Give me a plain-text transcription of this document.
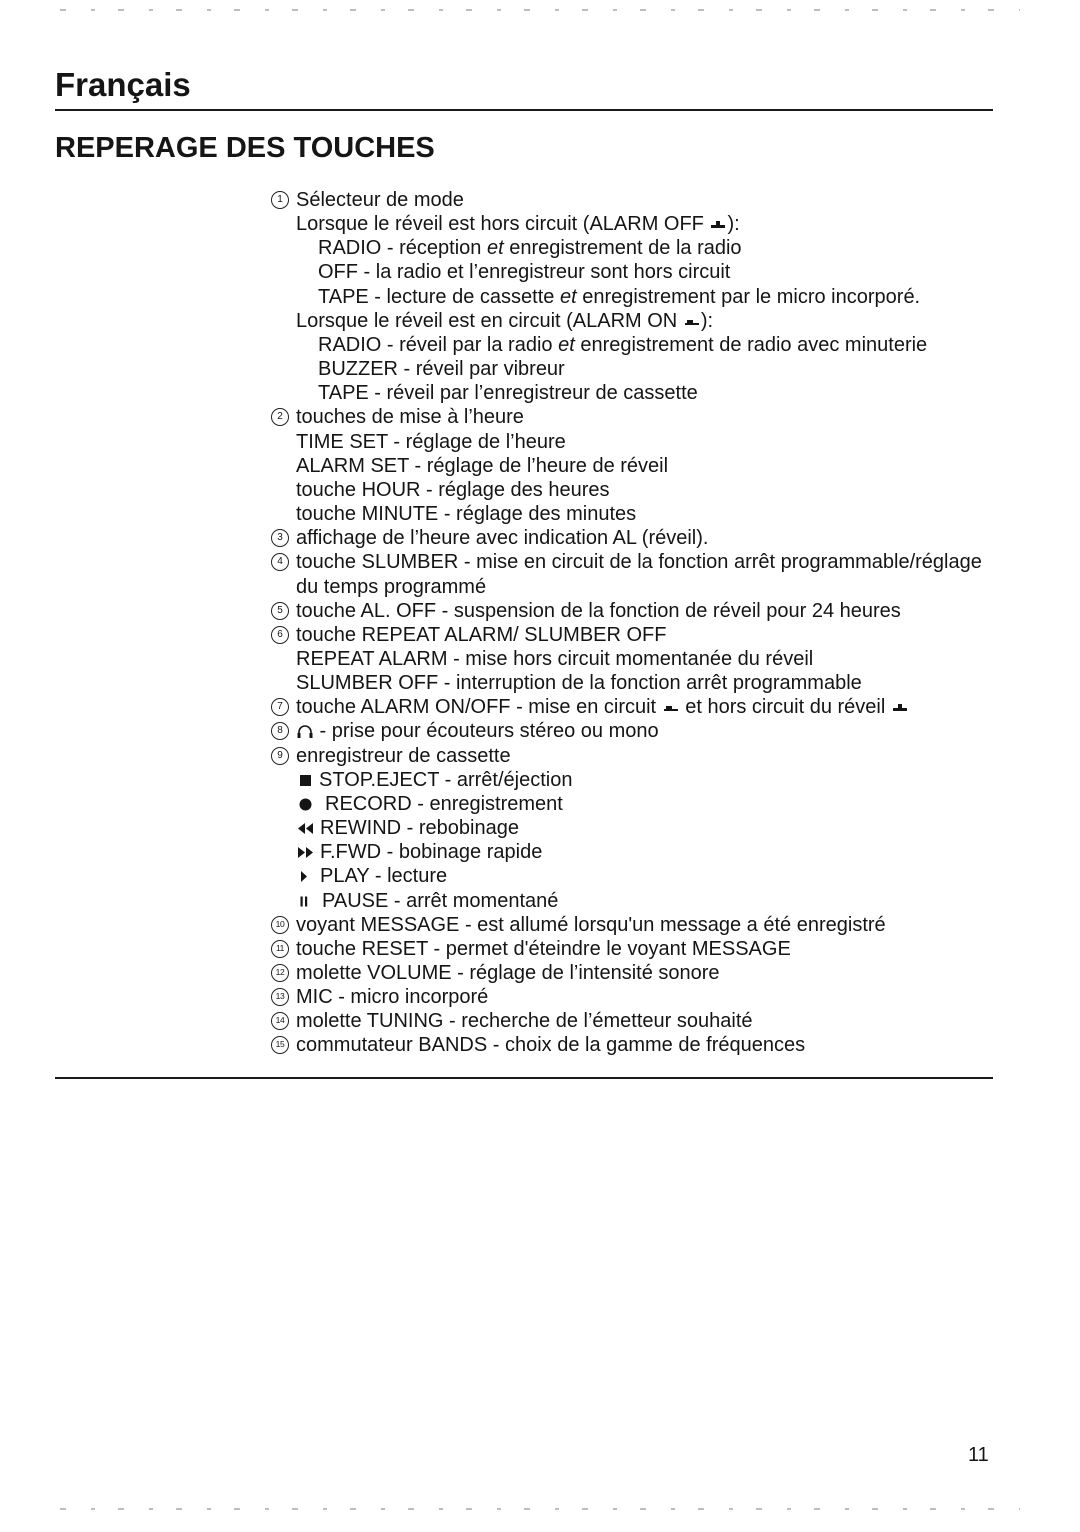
Français
REPERAGE DES TOUCHES
1 Sélecteur de mode
Lorsque le réveil est hors circuit (ALARM OFF ):
RADIO - réception et enregistrement de la radio
OFF - la radio et l’enregistreur sont hors circuit
TAPE - lecture de cassette et enregistrement par le micro incorporé.
Lorsque le réveil est en circuit (ALARM ON ):
RADIO - réveil par la radio et enregistrement de radio avec minuterie
BUZZER - réveil par vibreur
TAPE - réveil par l’enregistreur de cassette
2 touches de mise à l’heure
TIME SET - réglage de l’heure
ALARM SET - réglage de l’heure de réveil
touche HOUR - réglage des heures
touche MINUTE - réglage des minutes
3 affichage de l’heure avec indication AL (réveil).
4 touche SLUMBER - mise en circuit de la fonction arrêt programmable/réglage
du temps programmé
5 touche AL. OFF - suspension de la fonction de réveil pour 24 heures
6 touche REPEAT ALARM/ SLUMBER OFF
REPEAT ALARM - mise hors circuit momentanée du réveil
SLUMBER OFF - interruption de la fonction arrêt programmable
7 touche ALARM ON/OFF - mise en circuit  et hors circuit du réveil
8	- prise pour écouteurs stéreo ou mono
9 enregistreur de cassette
STOP.EJECT - arrêt/éjection
RECORD - enregistrement
REWIND - rebobinage
F.FWD - bobinage rapide
PLAY - lecture
PAUSE - arrêt momentané
10 voyant MESSAGE - est allumé lorsqu'un message a été enregistré
11 touche RESET - permet d'éteindre le voyant MESSAGE
12 molette VOLUME - réglage de l’intensité sonore
13 MIC - micro incorporé
14 molette TUNING - recherche de l’émetteur souhaité
15 commutateur BANDS - choix de la gamme de fréquences
11
